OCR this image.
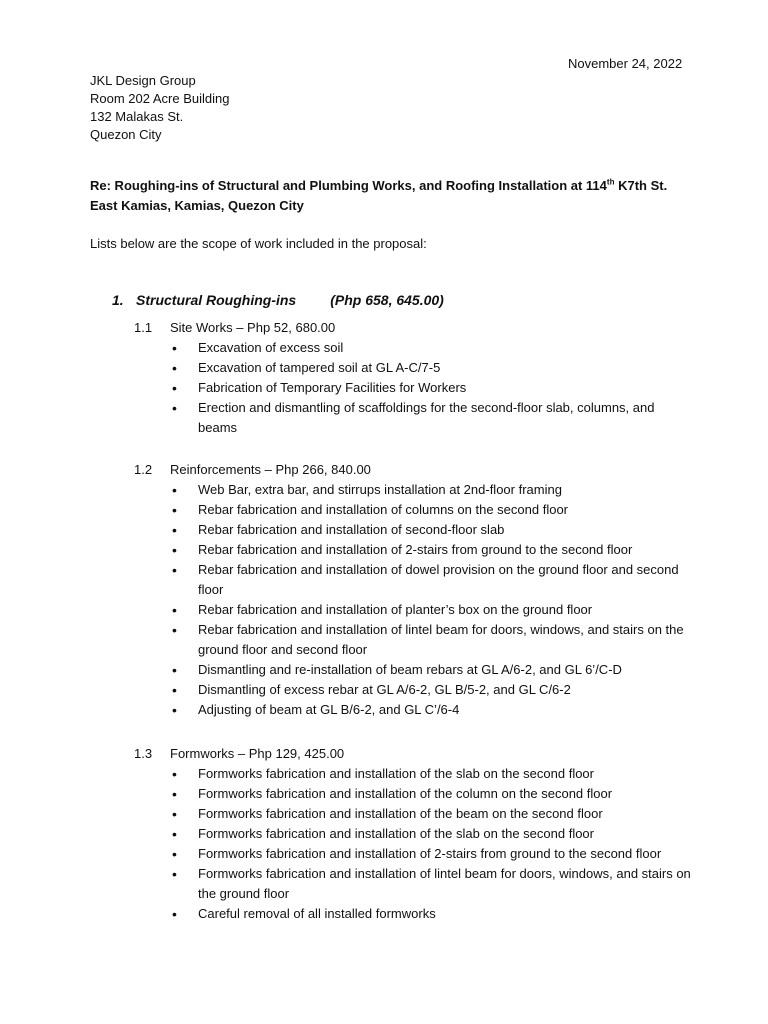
November 24, 2022
JKL Design Group
Room 202 Acre Building
132 Malakas St.
Quezon City
Re: Roughing-ins of Structural and Plumbing Works, and Roofing Installation at 114th K7th St. East Kamias, Kamias, Quezon City
Lists below are the scope of work included in the proposal:
1. Structural Roughing-ins (Php 658, 645.00)
1.1 Site Works – Php 52, 680.00
• Excavation of excess soil
• Excavation of tampered soil at GL A-C/7-5
• Fabrication of Temporary Facilities for Workers
• Erection and dismantling of scaffoldings for the second-floor slab, columns, and beams
1.2 Reinforcements – Php 266, 840.00
• Web Bar, extra bar, and stirrups installation at 2nd-floor framing
• Rebar fabrication and installation of columns on the second floor
• Rebar fabrication and installation of second-floor slab
• Rebar fabrication and installation of 2-stairs from ground to the second floor
• Rebar fabrication and installation of dowel provision on the ground floor and second floor
• Rebar fabrication and installation of planter’s box on the ground floor
• Rebar fabrication and installation of lintel beam for doors, windows, and stairs on the ground floor and second floor
• Dismantling and re-installation of beam rebars at GL A/6-2, and GL 6’/C-D
• Dismantling of excess rebar at GL A/6-2, GL B/5-2, and GL C/6-2
• Adjusting of beam at GL B/6-2, and GL C’/6-4
1.3 Formworks – Php 129, 425.00
• Formworks fabrication and installation of the slab on the second floor
• Formworks fabrication and installation of the column on the second floor
• Formworks fabrication and installation of the beam on the second floor
• Formworks fabrication and installation of the slab on the second floor
• Formworks fabrication and installation of 2-stairs from ground to the second floor
• Formworks fabrication and installation of lintel beam for doors, windows, and stairs on the ground floor
• Careful removal of all installed formworks
